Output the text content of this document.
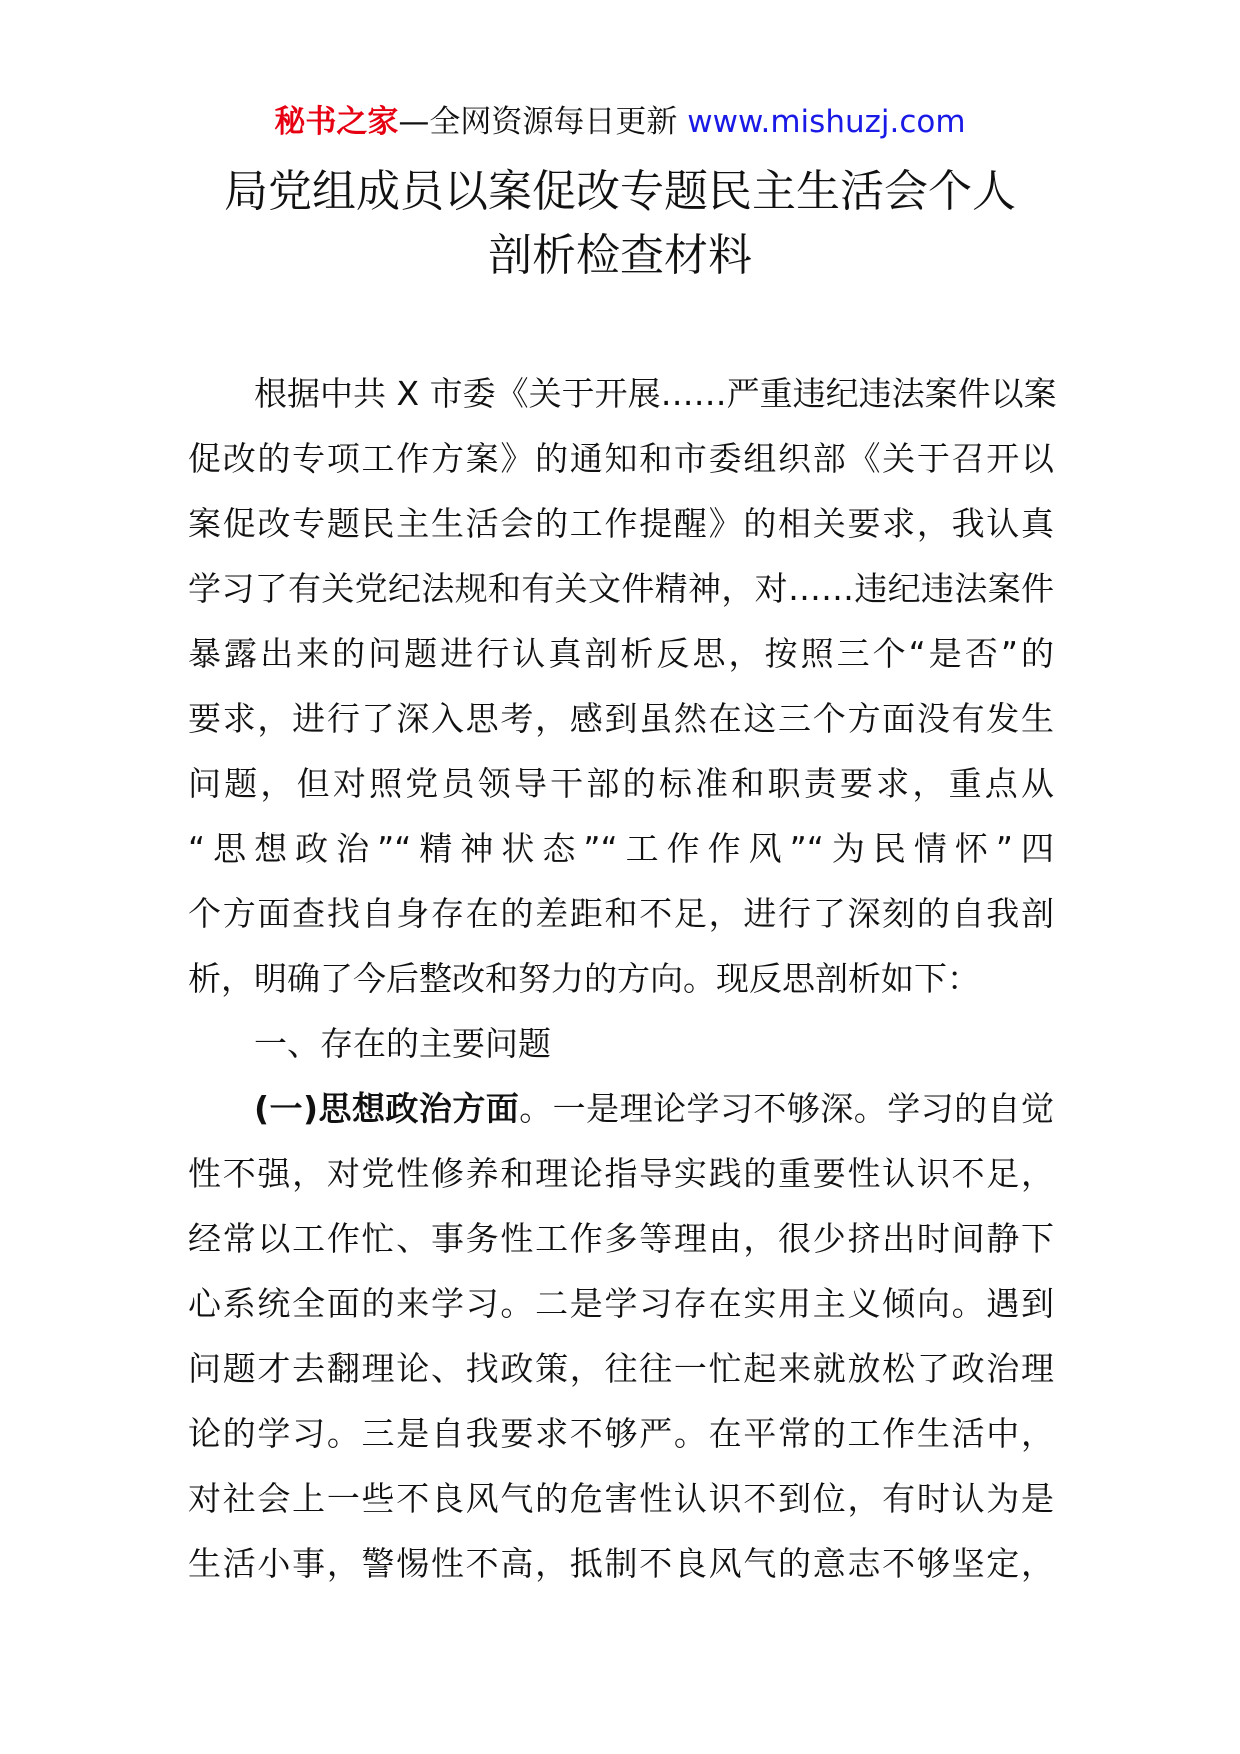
秘书之家—全网资源每日更新 www.mishuzj.com
局党组成员以案促改专题民主生活会个人
剖析检查材料
根据中共 X 市委《关于开展……严重违纪违法案件以案
促改的专项工作方案》的通知和市委组织部《关于召开以
案促改专题民主生活会的工作提醒》的相关要求，我认真
学习了有关党纪法规和有关文件精神，对……违纪违法案件
暴露出来的问题进行认真剖析反思，按照三个“是否”的
要求，进行了深入思考，感到虽然在这三个方面没有发生
问题，但对照党员领导干部的标准和职责要求，重点从
“思想政治”“精神状态”“工作作风”“为民情怀”四
个方面查找自身存在的差距和不足，进行了深刻的自我剖
析，明确了今后整改和努力的方向。现反思剖析如下：
一、存在的主要问题
(一)思想政治方面。一是理论学习不够深。学习的自觉
性不强，对党性修养和理论指导实践的重要性认识不足，
经常以工作忙、事务性工作多等理由，很少挤出时间静下
心系统全面的来学习。二是学习存在实用主义倾向。遇到
问题才去翻理论、找政策，往往一忙起来就放松了政治理
论的学习。三是自我要求不够严。在平常的工作生活中，
对社会上一些不良风气的危害性认识不到位，有时认为是
生活小事，警惕性不高，抵制不良风气的意志不够坚定，
